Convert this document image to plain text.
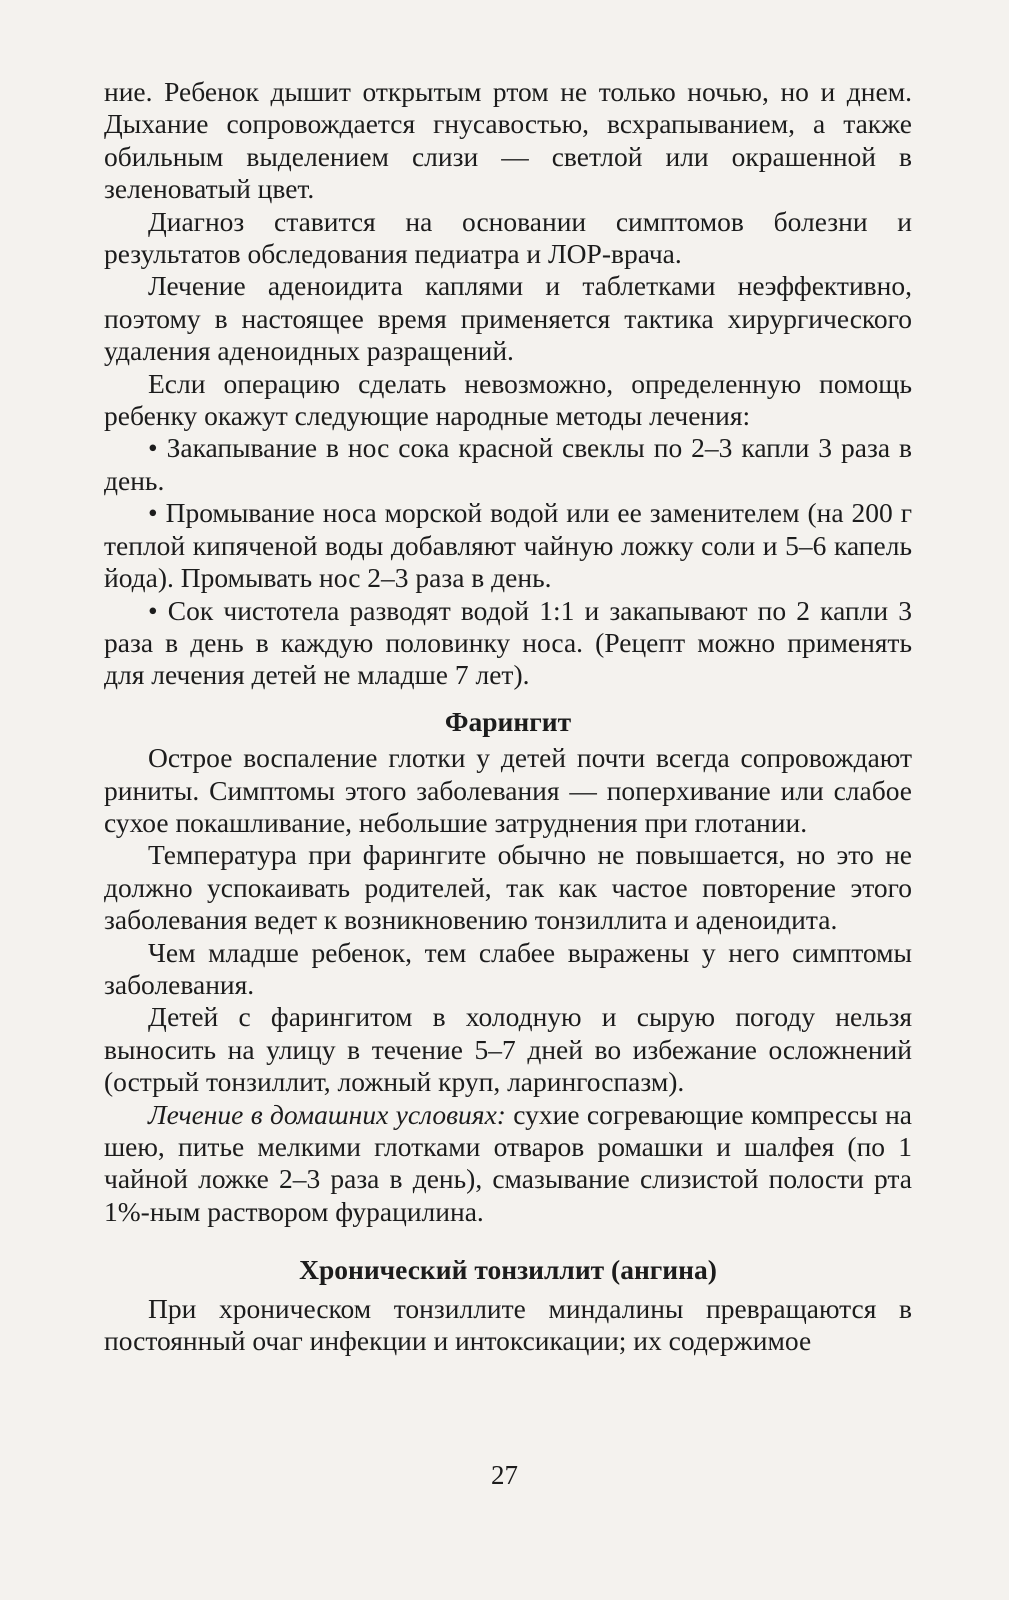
ние. Ребенок дышит открытым ртом не только ночью, но и днем. Дыхание сопровождается гнусавостью, всхрапыванием, а также обильным выделением слизи — светлой или окрашенной в зеленоватый цвет.

Диагноз ставится на основании симптомов болезни и результатов обследования педиатра и ЛОР-врача.

Лечение аденоидита каплями и таблетками неэффективно, поэтому в настоящее время применяется тактика хирургического удаления аденоидных разращений.

Если операцию сделать невозможно, определенную помощь ребенку окажут следующие народные методы лечения:

• Закапывание в нос сока красной свеклы по 2–3 капли 3 раза в день.

• Промывание носа морской водой или ее заменителем (на 200 г теплой кипяченой воды добавляют чайную ложку соли и 5–6 капель йода). Промывать нос 2–3 раза в день.

• Сок чистотела разводят водой 1:1 и закапывают по 2 капли 3 раза в день в каждую половинку носа. (Рецепт можно применять для лечения детей не младше 7 лет).

Фарингит

Острое воспаление глотки у детей почти всегда сопровождают риниты. Симптомы этого заболевания — поперхивание или слабое сухое покашливание, небольшие затруднения при глотании.

Температура при фарингите обычно не повышается, но это не должно успокаивать родителей, так как частое повторение этого заболевания ведет к возникновению тонзиллита и аденоидита.

Чем младше ребенок, тем слабее выражены у него симптомы заболевания.

Детей с фарингитом в холодную и сырую погоду нельзя выносить на улицу в течение 5–7 дней во избежание осложнений (острый тонзиллит, ложный круп, ларингоспазм).

Лечение в домашних условиях: сухие согревающие компрессы на шею, питье мелкими глотками отваров ромашки и шалфея (по 1 чайной ложке 2–3 раза в день), смазывание слизистой полости рта 1%-ным раствором фурацилина.

Хронический тонзиллит (ангина)

При хроническом тонзиллите миндалины превращаются в постоянный очаг инфекции и интоксикации; их содержимое

27
